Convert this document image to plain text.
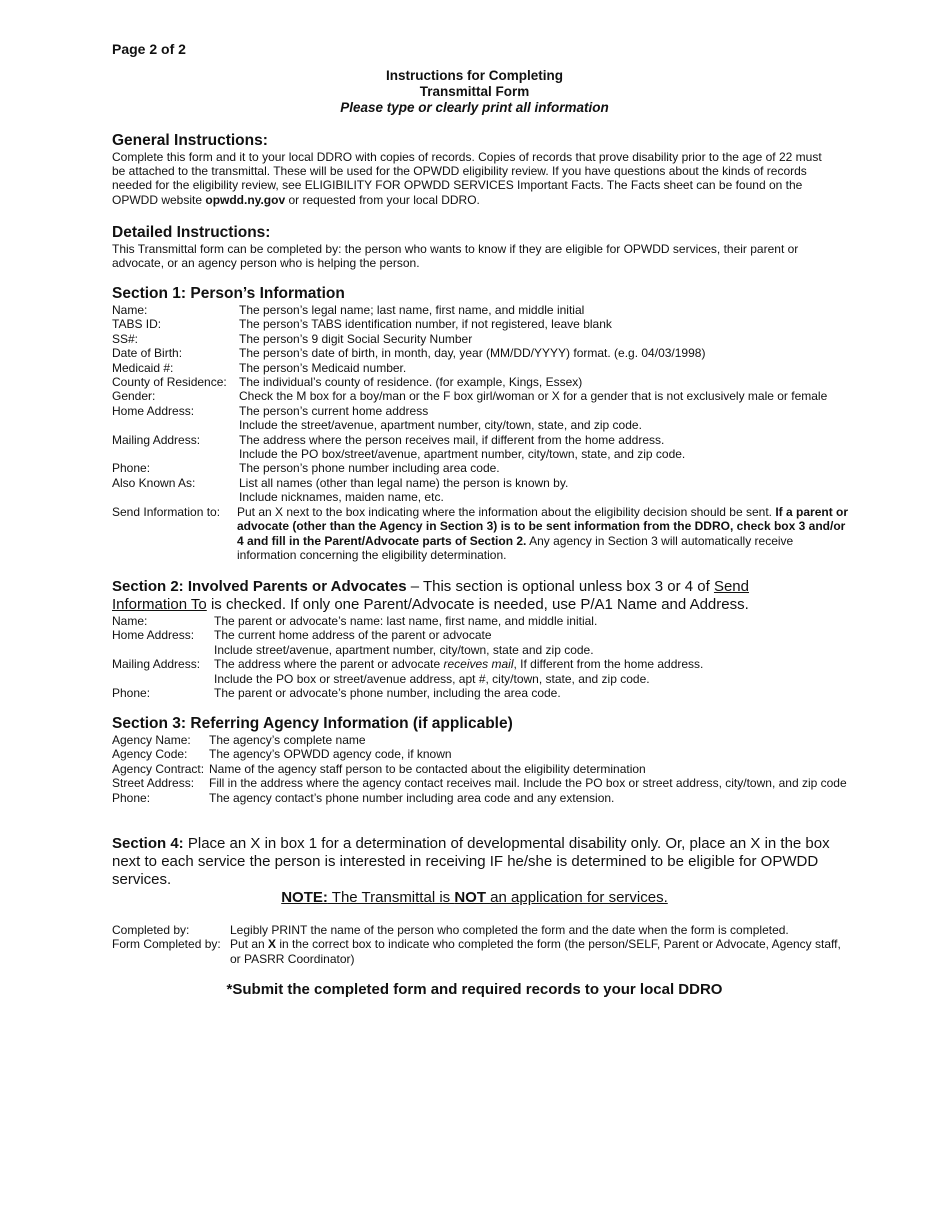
Page 2 of 2
Instructions for Completing
Transmittal Form
Please type or clearly print all information
General Instructions:
Complete this form and it to your local DDRO with copies of records. Copies of records that prove disability prior to the age of 22 must be attached to the transmittal. These will be used for the OPWDD eligibility review. If you have questions about the kinds of records needed for the eligibility review, see ELIGIBILITY FOR OPWDD SERVICES Important Facts. The Facts sheet can be found on the OPWDD website opwdd.ny.gov or requested from your local DDRO.
Detailed Instructions:
This Transmittal form can be completed by: the person who wants to know if they are eligible for OPWDD services, their parent or advocate, or an agency person who is helping the person.
Section 1: Person’s Information
Name:	The person’s legal name; last name, first name, and middle initial
TABS ID:	The person’s TABS identification number, if not registered, leave blank
SS#:	The person’s 9 digit Social Security Number
Date of Birth:	The person’s date of birth, in month, day, year (MM/DD/YYYY) format. (e.g. 04/03/1998)
Medicaid #:	The person’s Medicaid number.
County of Residence:	The individual’s county of residence. (for example, Kings, Essex)
Gender:	Check the M box for a boy/man or the F box girl/woman or X for a gender that is not exclusively male or female
Home Address:	The person’s current home address
Include the street/avenue, apartment number, city/town, state, and zip code.
Mailing Address:	The address where the person receives mail, if different from the home address.
Include the PO box/street/avenue, apartment number, city/town, state, and zip code.
Phone:	The person’s phone number including area code.
Also Known As:	List all names (other than legal name) the person is known by.
Include nicknames, maiden name, etc.
Send Information to:	Put an X next to the box indicating where the information about the eligibility decision should be sent. If a parent or advocate (other than the Agency in Section 3) is to be sent information from the DDRO, check box 3 and/or 4 and fill in the Parent/Advocate parts of Section 2. Any agency in Section 3 will automatically receive information concerning the eligibility determination.
Section 2: Involved Parents or Advocates – This section is optional unless box 3 or 4 of Send Information To is checked. If only one Parent/Advocate is needed, use P/A1 Name and Address.
Name:	The parent or advocate’s name: last name, first name, and middle initial.
Home Address:	The current home address of the parent or advocate
Include street/avenue, apartment number, city/town, state and zip code.
Mailing Address:	The address where the parent or advocate receives mail, If different from the home address.
Include the PO box or street/avenue address, apt #, city/town, state, and zip code.
Phone:	The parent or advocate’s phone number, including the area code.
Section 3: Referring Agency Information (if applicable)
Agency Name:	The agency’s complete name
Agency Code:	The agency’s OPWDD agency code, if known
Agency Contract: Name of the agency staff person to be contacted about the eligibility determination
Street Address:	Fill in the address where the agency contact receives mail. Include the PO box or street address, city/town, and zip code
Phone:	The agency contact’s phone number including area code and any extension.
Section 4: Place an X in box 1 for a determination of developmental disability only. Or, place an X in the box next to each service the person is interested in receiving IF he/she is determined to be eligible for OPWDD services.
NOTE: The Transmittal is NOT an application for services.
Completed by:	Legibly PRINT the name of the person who completed the form and the date when the form is completed.
Form Completed by: Put an X in the correct box to indicate who completed the form (the person/SELF, Parent or Advocate, Agency staff, or PASRR Coordinator)
*Submit the completed form and required records to your local DDRO
